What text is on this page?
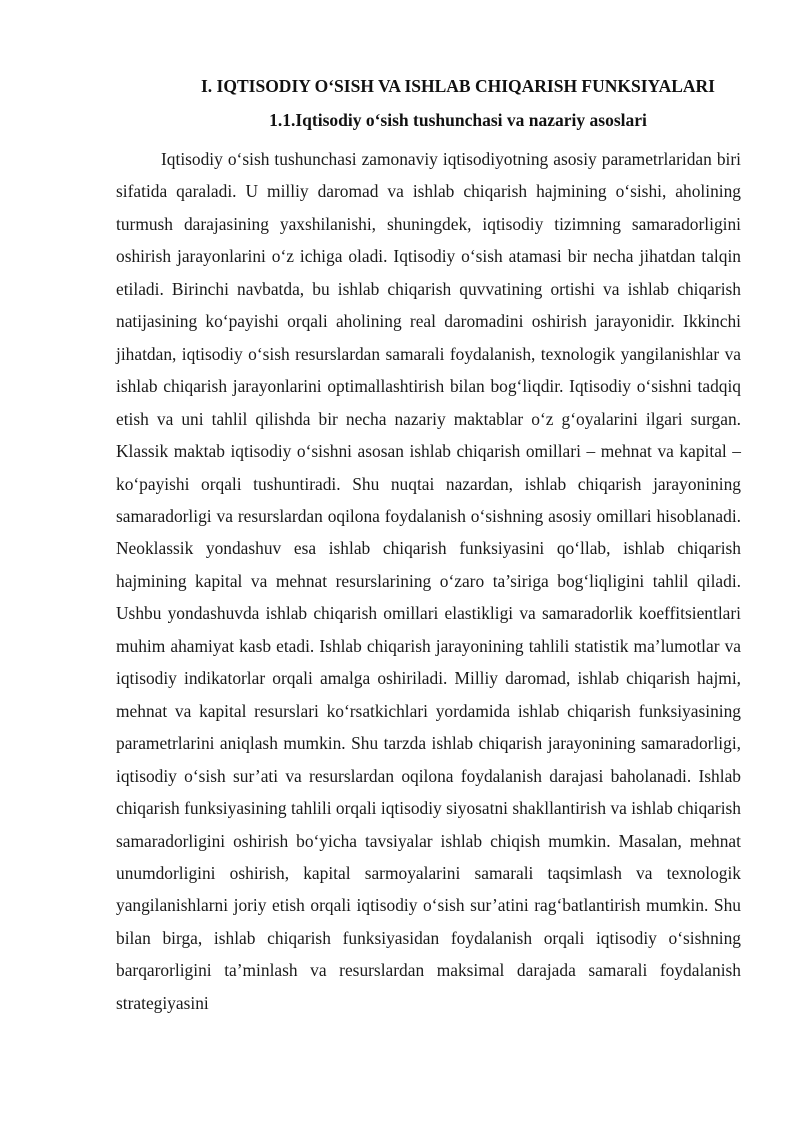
I. IQTISODIY O‘SISH VA ISHLAB CHIQARISH FUNKSIYALARI
1.1.Iqtisodiy o‘sish tushunchasi va nazariy asoslari

Iqtisodiy o‘sish tushunchasi zamonaviy iqtisodiyotning asosiy parametrlaridan biri sifatida qaraladi. U milliy daromad va ishlab chiqarish hajmining o‘sishi, aholining turmush darajasining yaxshilanishi, shuningdek, iqtisodiy tizimning samaradorligini oshirish jarayonlarini o‘z ichiga oladi. Iqtisodiy o‘sish atamasi bir necha jihatdan talqin etiladi. Birinchi navbatda, bu ishlab chiqarish quvvatining ortishi va ishlab chiqarish natijasining ko‘payishi orqali aholining real daromadini oshirish jarayonidir. Ikkinchi jihatdan, iqtisodiy o‘sish resurslardan samarali foydalanish, texnologik yangilanishlar va ishlab chiqarish jarayonlarini optimallashtirish bilan bog‘liqdir. Iqtisodiy o‘sishni tadqiq etish va uni tahlil qilishda bir necha nazariy maktablar o‘z g‘oyalarini ilgari surgan. Klassik maktab iqtisodiy o‘sishni asosan ishlab chiqarish omillari – mehnat va kapital – ko‘payishi orqali tushuntiradi. Shu nuqtai nazardan, ishlab chiqarish jarayonining samaradorligi va resurslardan oqilona foydalanish o‘sishning asosiy omillari hisoblanadi. Neoklassik yondashuv esa ishlab chiqarish funksiyasini qo‘llab, ishlab chiqarish hajmining kapital va mehnat resurslarining o‘zaro ta’siriga bog‘liqligini tahlil qiladi. Ushbu yondashuvda ishlab chiqarish omillari elastikligi va samaradorlik koeffitsientlari muhim ahamiyat kasb etadi. Ishlab chiqarish jarayonining tahlili statistik ma’lumotlar va iqtisodiy indikatorlar orqali amalga oshiriladi. Milliy daromad, ishlab chiqarish hajmi, mehnat va kapital resurslari ko‘rsatkichlari yordamida ishlab chiqarish funksiyasining parametrlarini aniqlash mumkin. Shu tarzda ishlab chiqarish jarayonining samaradorligi, iqtisodiy o‘sish sur’ati va resurslardan oqilona foydalanish darajasi baholanadi. Ishlab chiqarish funksiyasining tahlili orqali iqtisodiy siyosatni shakllantirish va ishlab chiqarish samaradorligini oshirish bo‘yicha tavsiyalar ishlab chiqish mumkin. Masalan, mehnat unumdorligini oshirish, kapital sarmoyalarini samarali taqsimlash va texnologik yangilanishlarni joriy etish orqali iqtisodiy o‘sish sur’atini rag‘batlantirish mumkin. Shu bilan birga, ishlab chiqarish funksiyasidan foydalanish orqali iqtisodiy o‘sishning barqarorligini ta’minlash va resurslardan maksimal darajada samarali foydalanish strategiyasini
